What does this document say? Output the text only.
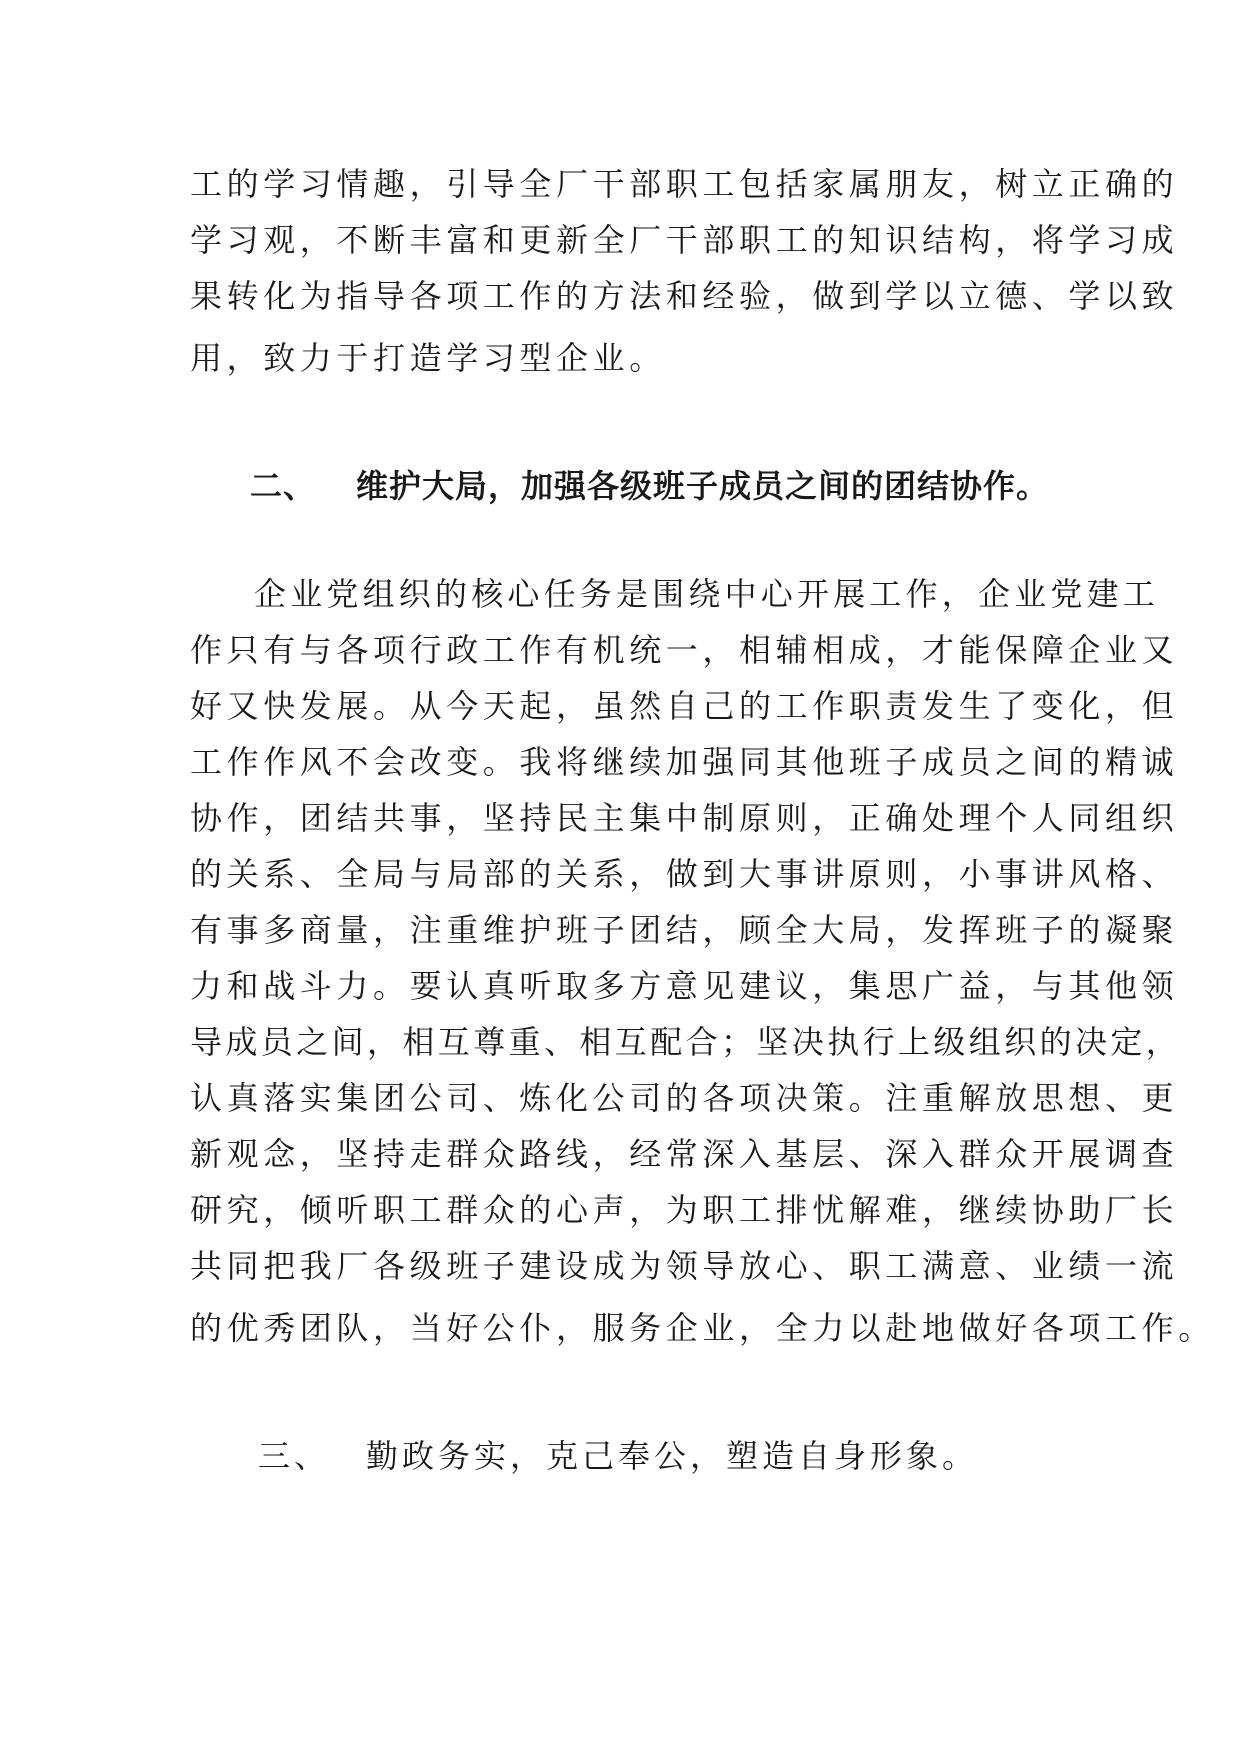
工的学习情趣，引导全厂干部职工包括家属朋友，树立正确的
学习观，不断丰富和更新全厂干部职工的知识结构，将学习成
果转化为指导各项工作的方法和经验，做到学以立德、学以致
用，致力于打造学习型企业。
二、 维护大局，加强各级班子成员之间的团结协作。
企业党组织的核心任务是围绕中心开展工作，企业党建工
作只有与各项行政工作有机统一，相辅相成，才能保障企业又
好又快发展。从今天起，虽然自己的工作职责发生了变化，但
工作作风不会改变。我将继续加强同其他班子成员之间的精诚
协作，团结共事，坚持民主集中制原则，正确处理个人同组织
的关系、全局与局部的关系，做到大事讲原则，小事讲风格、
有事多商量，注重维护班子团结，顾全大局，发挥班子的凝聚
力和战斗力。要认真听取多方意见建议，集思广益，与其他领
导成员之间，相互尊重、相互配合；坚决执行上级组织的决定，
认真落实集团公司、炼化公司的各项决策。注重解放思想、更
新观念，坚持走群众路线，经常深入基层、深入群众开展调查
研究，倾听职工群众的心声，为职工排忧解难，继续协助厂长
共同把我厂各级班子建设成为领导放心、职工满意、业绩一流
的优秀团队，当好公仆，服务企业，全力以赴地做好各项工作。
三、 勤政务实，克己奉公，塑造自身形象。
